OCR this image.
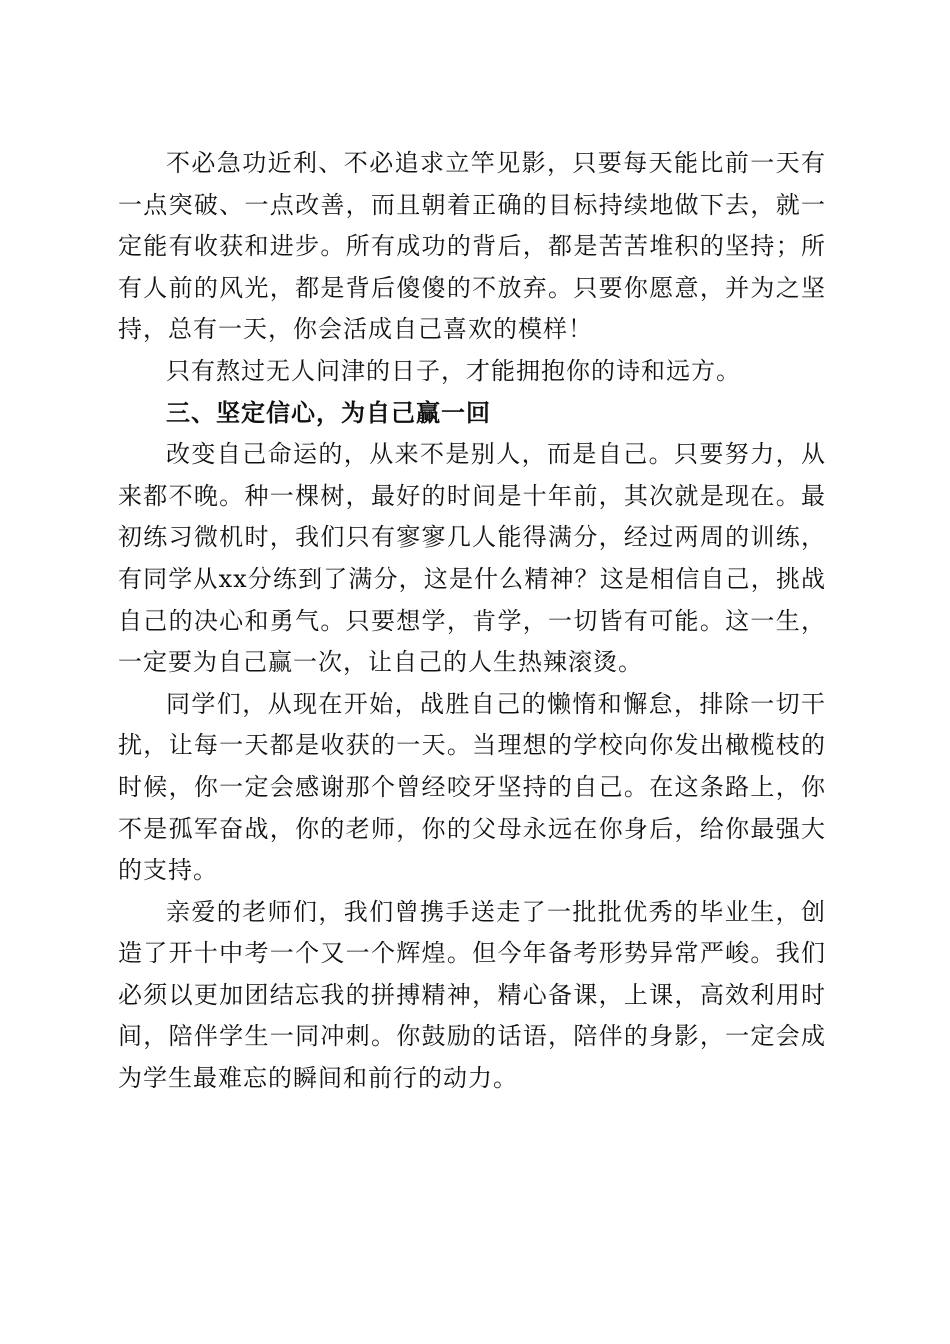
不必急功近利、不必追求立竿见影，只要每天能比前一天有一点突破、一点改善，而且朝着正确的目标持续地做下去，就一定能有收获和进步。所有成功的背后，都是苦苦堆积的坚持；所有人前的风光，都是背后傻傻的不放弃。只要你愿意，并为之坚持，总有一天，你会活成自己喜欢的模样！

只有熬过无人问津的日子，才能拥抱你的诗和远方。

三、坚定信心，为自己赢一回

改变自己命运的，从来不是别人，而是自己。只要努力，从来都不晚。种一棵树，最好的时间是十年前，其次就是现在。最初练习微机时，我们只有寥寥几人能得满分，经过两周的训练，有同学从xx分练到了满分，这是什么精神？这是相信自己，挑战自己的决心和勇气。只要想学，肯学，一切皆有可能。这一生，一定要为自己赢一次，让自己的人生热辣滚烫。

同学们，从现在开始，战胜自己的懒惰和懈怠，排除一切干扰，让每一天都是收获的一天。当理想的学校向你发出橄榄枝的时候，你一定会感谢那个曾经咬牙坚持的自己。在这条路上，你不是孤军奋战，你的老师，你的父母永远在你身后，给你最强大的支持。

亲爱的老师们，我们曾携手送走了一批批优秀的毕业生，创造了开十中考一个又一个辉煌。但今年备考形势异常严峻。我们必须以更加团结忘我的拼搏精神，精心备课，上课，高效利用时间，陪伴学生一同冲刺。你鼓励的话语，陪伴的身影，一定会成为学生最难忘的瞬间和前行的动力。
